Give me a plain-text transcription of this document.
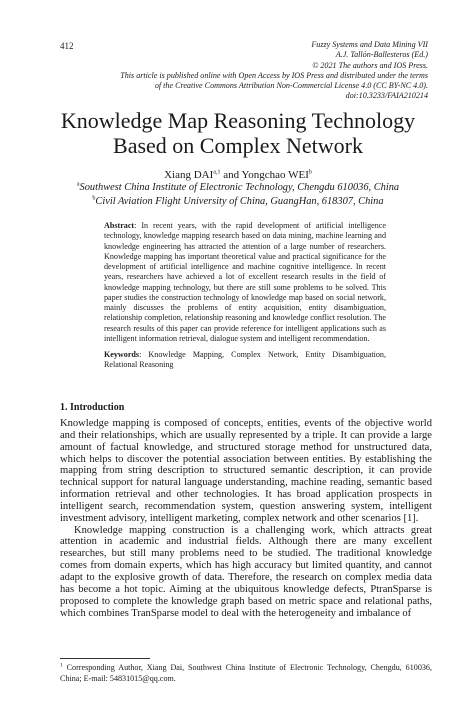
412	Fuzzy Systems and Data Mining VII
A.J. Tallón-Ballesteros (Ed.)
© 2021 The authors and IOS Press.
This article is published online with Open Access by IOS Press and distributed under the terms
of the Creative Commons Attribution Non-Commercial License 4.0 (CC BY-NC 4.0).
doi:10.3233/FAIA210214
Knowledge Map Reasoning Technology
Based on Complex Network
Xiang DAI$^{a,1}$ and Yongchao WEI$^b$
$^a$Southwest China Institute of Electronic Technology, Chengdu 610036, China
$^b$Civil Aviation Flight University of China, GuangHan, 618307, China

Abstract: In recent years, with the rapid development of artificial intelligence technology, knowledge mapping research based on data mining, machine learning and knowledge engineering has attracted the attention of a large number of researchers. Knowledge mapping has important theoretical value and practical significance for the development of artificial intelligence and machine cognitive intelligence. In recent years, researchers have achieved a lot of excellent research results in the field of knowledge mapping technology, but there are still some problems to be solved. This paper studies the construction technology of knowledge map based on social network, mainly discusses the problems of entity acquisition, entity disambiguation, relationship completion, relationship reasoning and knowledge conflict resolution. The research results of this paper can provide reference for intelligent applications such as intelligent information retrieval, dialogue system and intelligent recommendation.

Keywords: Knowledge Mapping, Complex Network, Entity Disambiguation, Relational Reasoning

1. Introduction

Knowledge mapping is composed of concepts, entities, events of the objective world and their relationships, which are usually represented by a triple. It can provide a large amount of factual knowledge, and structured storage method for unstructured data, which helps to discover the potential association between entities. By establishing the mapping from string description to structured semantic description, it can provide technical support for natural language understanding, machine reading, semantic based information retrieval and other technologies. It has broad application prospects in intelligent search, recommendation system, question answering system, intelligent investment advisory, intelligent marketing, complex network and other scenarios [1].

Knowledge mapping construction is a challenging work, which attracts great attention in academic and industrial fields. Although there are many excellent researches, but still many problems need to be studied. The traditional knowledge comes from domain experts, which has high accuracy but limited quantity, and cannot adapt to the explosive growth of data. Therefore, the research on complex media data has become a hot topic. Aiming at the ubiquitous knowledge defects, PtranSparse is proposed to complete the knowledge graph based on metric space and relational paths, which combines TranSparse model to deal with the heterogeneity and imbalance of

$^1$ Corresponding Author, Xiang Dai, Southwest China Institute of Electronic Technology, Chengdu, 610036, China; E-mail: 54831015@qq.com.
